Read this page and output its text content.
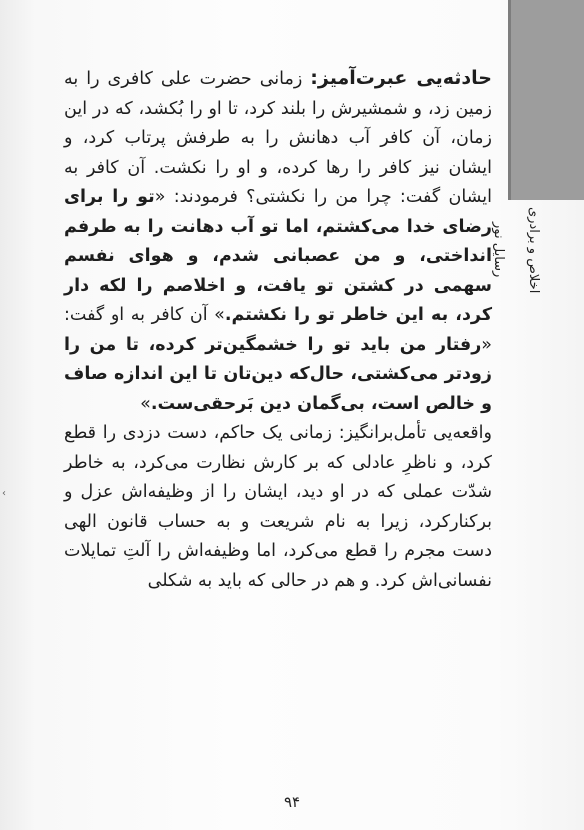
رسایل نور اخلاص و برادری

حادثه‌یی عبرت‌آمیز: زمانی حضرت علی کافری را به زمین زد، و شمشیرش را بلند کرد، تا او را بُکشد، که در این زمان، آن کافر آب دهانش را به طرفش پرتاب کرد، و ایشان نیز کافر را رها کرده، و او را نکشت. آن کافر به ایشان گفت: چرا من را نکشتی؟ فرمودند: «تو را برای رضای خدا می‌کشتم، اما تو آب دهانت را به طرفم انداختی، و من عصبانی شدم، و هوای نفسم سهمی در کشتن تو یافت، و اخلاصم را لکه دار کرد، به این خاطر تو را نکشتم.» آن کافر به او گفت: «رفتار من باید تو را خشمگین‌تر کرده، تا من را زودتر می‌کشتی، حال‌که دین‌تان تا این اندازه صاف و خالص است، بی‌گمان دین بَرحقی‌ست.»

واقعه‌یی تأمل‌برانگیز: زمانی یک حاکم، دست دزدی را قطع کرد، و ناظرِ عادلی که بر کارش نظارت می‌کرد، به خاطر شدّت عملی که در او دید، ایشان را از وظیفه‌اش عزل و برکنارکرد، زیرا به نام شریعت و به حساب قانون الهی دست مجرم را قطع می‌کرد، اما وظیفه‌اش را آلتِ تمایلات نفسانی‌اش کرد. و هم در حالی که باید به شکلی

۹۴
‹
